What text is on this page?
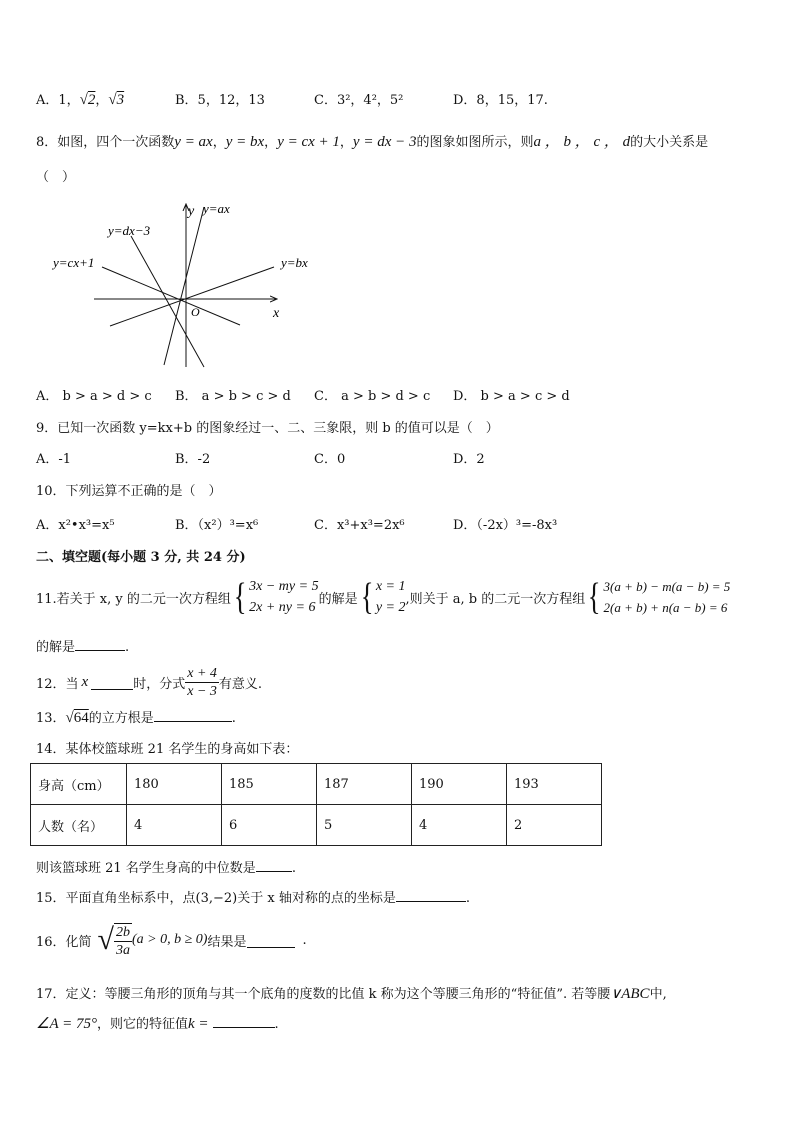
A．1，√2，√3	B．5，12，13	C．3²，4²，5²	D．8，15，17.
8．如图，四个一次函数y = ax，y = bx，y = cx + 1，y = dx − 3的图象如图所示，则a ， b ， c ， d的大小关系是
（　）
y
x
O
y=ax
y=dx−3
y=cx+1	y=bx
A． b > a > d > c B． a > b > c > d C． a > b > d > c D． b > a > c > d
9．已知一次函数 y=kx+b 的图象经过一、二、三象限，则 b 的值可以是（　）
A．-1	B．-2	C．0	D．2
10．下列运算不正确的是（　）
A．x²•x³=x⁵	B．（x²）³=x⁶	C．x³+x³=2x⁶	D．（-2x）³=-8x³
二、填空题(每小题 3 分, 共 24 分)
11.若关于 x, y 的二元一次方程组 { 3x − my = 5
2x + ny = 6
的解是 { x = 1
y = 2
,则关于 a, b 的二元一次方程组 { 3(a + b) − m(a − b) = 5
2(a + b) + n(a − b) = 6
的解是	.
12．当 x	时，分式 $\frac{x + 4}{x - 3}$ 有意义.
13．√64的立方根是	.
14．某体校篮球班 21 名学生的身高如下表：
身高（cm）	180	185	187	190	193
人数（名）	4	6	5	4	2
则该篮球班 21 名学生身高的中位数是	.
15．平面直角坐标系中，点(3,−2)关于 x 轴对称的点的坐标是	.
16．化简 √ $\frac{2b}{3a} (a > 0$, b ≥ 0) 结果是	.
17．定义：等腰三角形的顶角与其一个底角的度数的比值 k 称为这个等腰三角形的“特征值”. 若等腰∨ABC中,
∠A = 75°，则它的特征值k =	.
